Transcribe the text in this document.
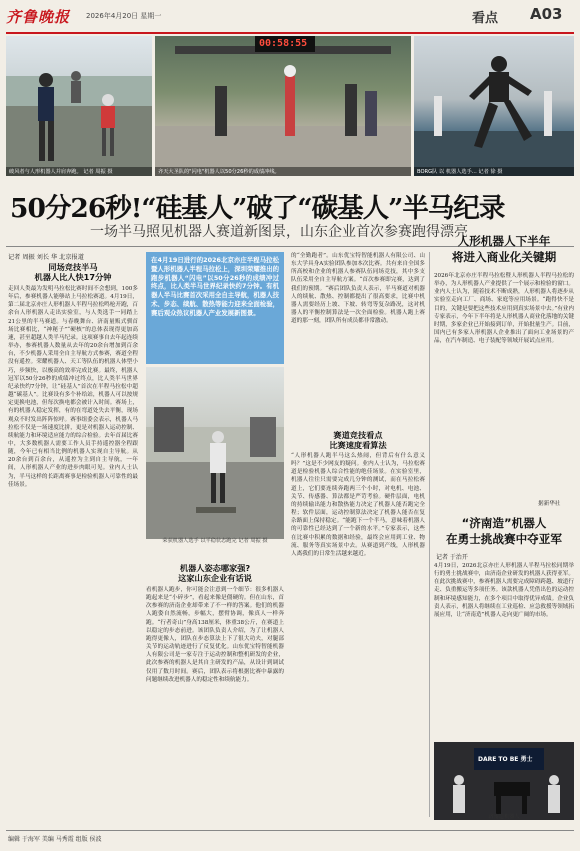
齐鲁晚报 2026年4月20日 星期一	看点 A03
破风者与人形机器人并肩奔跑。 记者 周振 摄
00:58:55
齐天大圣队的"闪电"机器人以50分26秒的成绩冲线。	BORG队 以 机器人选手... 记者 徐 摄
50分26秒!“硅基人”破了“碳基人”半马纪录
一场半马照见机器人赛道新图景，山东企业首次参赛跑得漂亮
记者 周振 刘长 华 北京报道
同场竞技半马
机器人比人快17分钟
走回人类最为发明马拉松比赛时间不会想到，100多年后，参赛机器人能够站上马拉松赛道。4月19日，第二届北京亦庄人形机器人半程马拉松鸣枪开跑，百余台人形机器人走出实验室，与人类选手一同踏上21公里的半马赛道。与春晚舞台、济南量贩式驯首场比赛相比，“神秘子”“硬核”的总体表现得更加高速，甚至超越人类半马纪录。这项赛事自去年起连续举办，参赛机器人数量从去年的20余台增加到百余台，不少机器人采用全自主导航方式参赛，赛道全程没有遥控。荣耀机器人、天工等队伍的机器人体型小巧，步频快，以极高的效率完成比赛。最终，机器人冠军以50分26秒的成绩冲过终点，比人类半马世界纪录快约7分钟，让“硅基人”首次在半程马拉松中超越“碳基人”。比赛设有多个补给站，机器人可以按规定更换电池，但每次换电都会被计入时间。赛场上，有的机器人稳定发挥，有的在弯道处失去平衡，现场观众不时发出阵阵惊呼。赛事组委会表示，机器人马拉松不仅是一场速度比拼，更是对机器人运动控制、续航能力和环境适应能力的综合检验。去年首届比赛中，大多数机器人需要工作人员手持遥控器全程跟随，今年已有相当比例的机器人实现自主导航。从20余台到百余台，从遥控为主到自主导航，一年间，人形机器人产业的进步肉眼可见。业内人士认为，半马这样的长距离赛事是检验机器人可靠性的最佳场景。
在4月19日进行的2026北京亦庄半程马拉松暨人形机器人半程马拉松上，深圳荣耀推出的跑步机器人“闪电”以50分26秒的成绩冲过终点，比人类半马世界纪录快约7分钟。有机器人半马比赛首次采用全自主导航，机器人技术、步态、续航、散热等能力迎来全面检验，赛后观众热议机器人产业发展新图景。
荣获机器人选手 以平稳状态跑完 记者 周振 摄
机器人姿态哪家强?
这家山东企业有话说
看机器人跑步，你可能会注意到一个细节：很多机器人跑起来是“小碎步”，看起来像是僵硬的。但在山东，首次参赛的济南企业却带来了不一样的答案。他们的机器人跑姿自然流畅，步幅大，摆臂协调，像真人一样奔跑。“行者奇山”身高138厘米，体重38公斤，在赛道上以稳定的步态前进。该团队负责人介绍，为了让机器人跑得更像人，团队在步态算法上下了很大功夫，对腿部关节的运动轨迹进行了反复优化。山东优宝特智能机器人有限公司是一家专注于运动控制和整机研发的企业，此次参赛的机器人是其自主研发的产品，从设计到调试仅用了数月时间。赛后，团队表示将根据比赛中暴露的问题继续改进机器人的稳定性和续航能力。
的“全勤跑者”。山东优宝特智能机器人有限公司、山东大学具身A实验团队参加本次比赛。共有来自全国多所高校和企业的机器人参赛队伍同场竞技，其中多支队伍采用全自主导航方案。“首次参赛即完赛，达到了我们的预期。“赛后团队负责人表示，半马赛道对机器人的续航、散热、控制都提出了很高要求，比赛中机器人需要经历上坡、下坡、转弯等复杂路况，这对机器人的平衡控制算法是一次全面检验。机器人跑上赛道的那一刻，团队所有成员都非常激动。
赛道竞技看点
比赛速度看算法
“人形机器人跑半马这么热闹，但背后有什么意义吗？”这是不少网友的疑问。业内人士认为，马拉松赛道是检验机器人综合性能的绝佳场景。在实验室里，机器人往往只需要完成几分钟的测试，而在马拉松赛道上，它们要连续奔跑两三个小时，对电机、电池、关节、传感器、算法都是严苛考验。硬件层面，电机的持续输出能力和散热能力决定了机器人能否跑完全程；软件层面，运动控制算法决定了机器人能否在复杂路面上保持稳定。“能跑下一个半马，意味着机器人的可靠性已经达到了一个新的水平。”专家表示，这些在比赛中积累的数据和经验，最终会应用到工业、物流、服务等真实场景中去。从赛道到产线，人形机器人离我们的日常生活越来越近。
人形机器人下半年
将进入商业化关键期
2026年北京亦庄半程马拉松暨人形机器人半程马拉松的举办，为人形机器人产业提供了一个展示和检验的窗口。业内人士认为，随着技术不断成熟，人形机器人将逐步从实验室走向工厂、商场、家庭等应用场景。“跑得快不是目的，关键是要把这些技术应用到真实场景中去。”有业内专家表示，今年下半年将是人形机器人商业化落地的关键时期，多家企业已开始接到订单，开始批量生产。目前，国内已有多家人形机器人企业推出了面向工业场景的产品，在汽车制造、电子装配等领域开展试点应用。
据新华社
“济南造”机器人
在勇士挑战赛中夺亚军
记者 于治开
4月19日，2026北京亦庄人形机器人半程马拉松同期举行的勇士挑战赛中，由济南企业研发的机器人获得亚军。在此次挑战赛中，参赛机器人需要完成障碍跨越、坡道行走、负重搬运等多项任务。该款机器人凭借出色的运动控制和环境感知能力，在多个项目中取得优异成绩。企业负责人表示，机器人将继续在工业巡检、应急救援等领域拓展应用，让“济南造”机器人走向更广阔的市场。
DARE TO BE 勇士
济南造机器人
编辑 于海军 美编 马秀霞 组版 侯波
